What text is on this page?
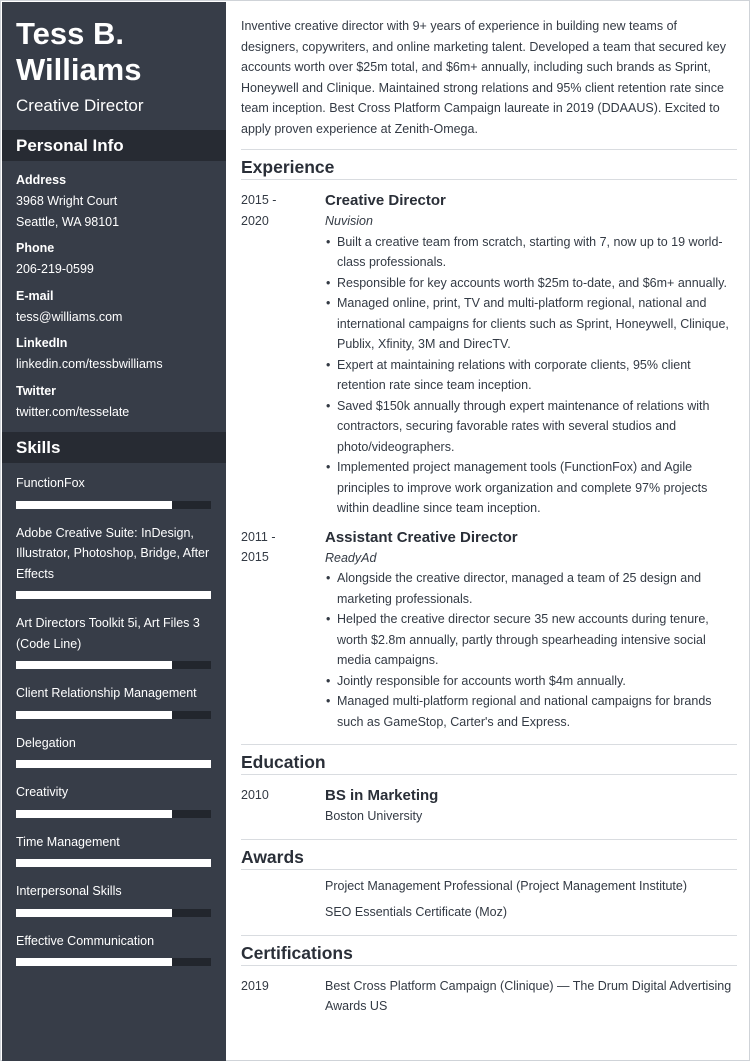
Tess B.
Williams
Creative Director
Personal Info
Address
3968 Wright Court
Seattle, WA 98101
Phone
206-219-0599
E-mail
tess@williams.com
LinkedIn
linkedin.com/tessbwilliams
Twitter
twitter.com/tesselate
Skills
FunctionFox
Adobe Creative Suite: InDesign, Illustrator, Photoshop, Bridge, After Effects
Art Directors Toolkit 5i, Art Files 3 (Code Line)
Client Relationship Management
Delegation
Creativity
Time Management
Interpersonal Skills
Effective Communication

Inventive creative director with 9+ years of experience in building new teams of designers, copywriters, and online marketing talent. Developed a team that secured key accounts worth over $25m total, and $6m+ annually, including such brands as Sprint, Honeywell and Clinique. Maintained strong relations and 95% client retention rate since team inception. Best Cross Platform Campaign laureate in 2019 (DDAAUS). Excited to apply proven experience at Zenith-Omega.

Experience
2015 - 2020
Creative Director
Nuvision
• Built a creative team from scratch, starting with 7, now up to 19 world-class professionals.
• Responsible for key accounts worth $25m to-date, and $6m+ annually.
• Managed online, print, TV and multi-platform regional, national and international campaigns for clients such as Sprint, Honeywell, Clinique, Publix, Xfinity, 3M and DirecTV.
• Expert at maintaining relations with corporate clients, 95% client retention rate since team inception.
• Saved $150k annually through expert maintenance of relations with contractors, securing favorable rates with several studios and photo/videographers.
• Implemented project management tools (FunctionFox) and Agile principles to improve work organization and complete 97% projects within deadline since team inception.
2011 - 2015
Assistant Creative Director
ReadyAd
• Alongside the creative director, managed a team of 25 design and marketing professionals.
• Helped the creative director secure 35 new accounts during tenure, worth $2.8m annually, partly through spearheading intensive social media campaigns.
• Jointly responsible for accounts worth $4m annually.
• Managed multi-platform regional and national campaigns for brands such as GameStop, Carter's and Express.
Education
2010	BS in Marketing
Boston University
Awards
Project Management Professional (Project Management Institute)
SEO Essentials Certificate (Moz)
Certifications
2019	Best Cross Platform Campaign (Clinique) — The Drum Digital Advertising Awards US
